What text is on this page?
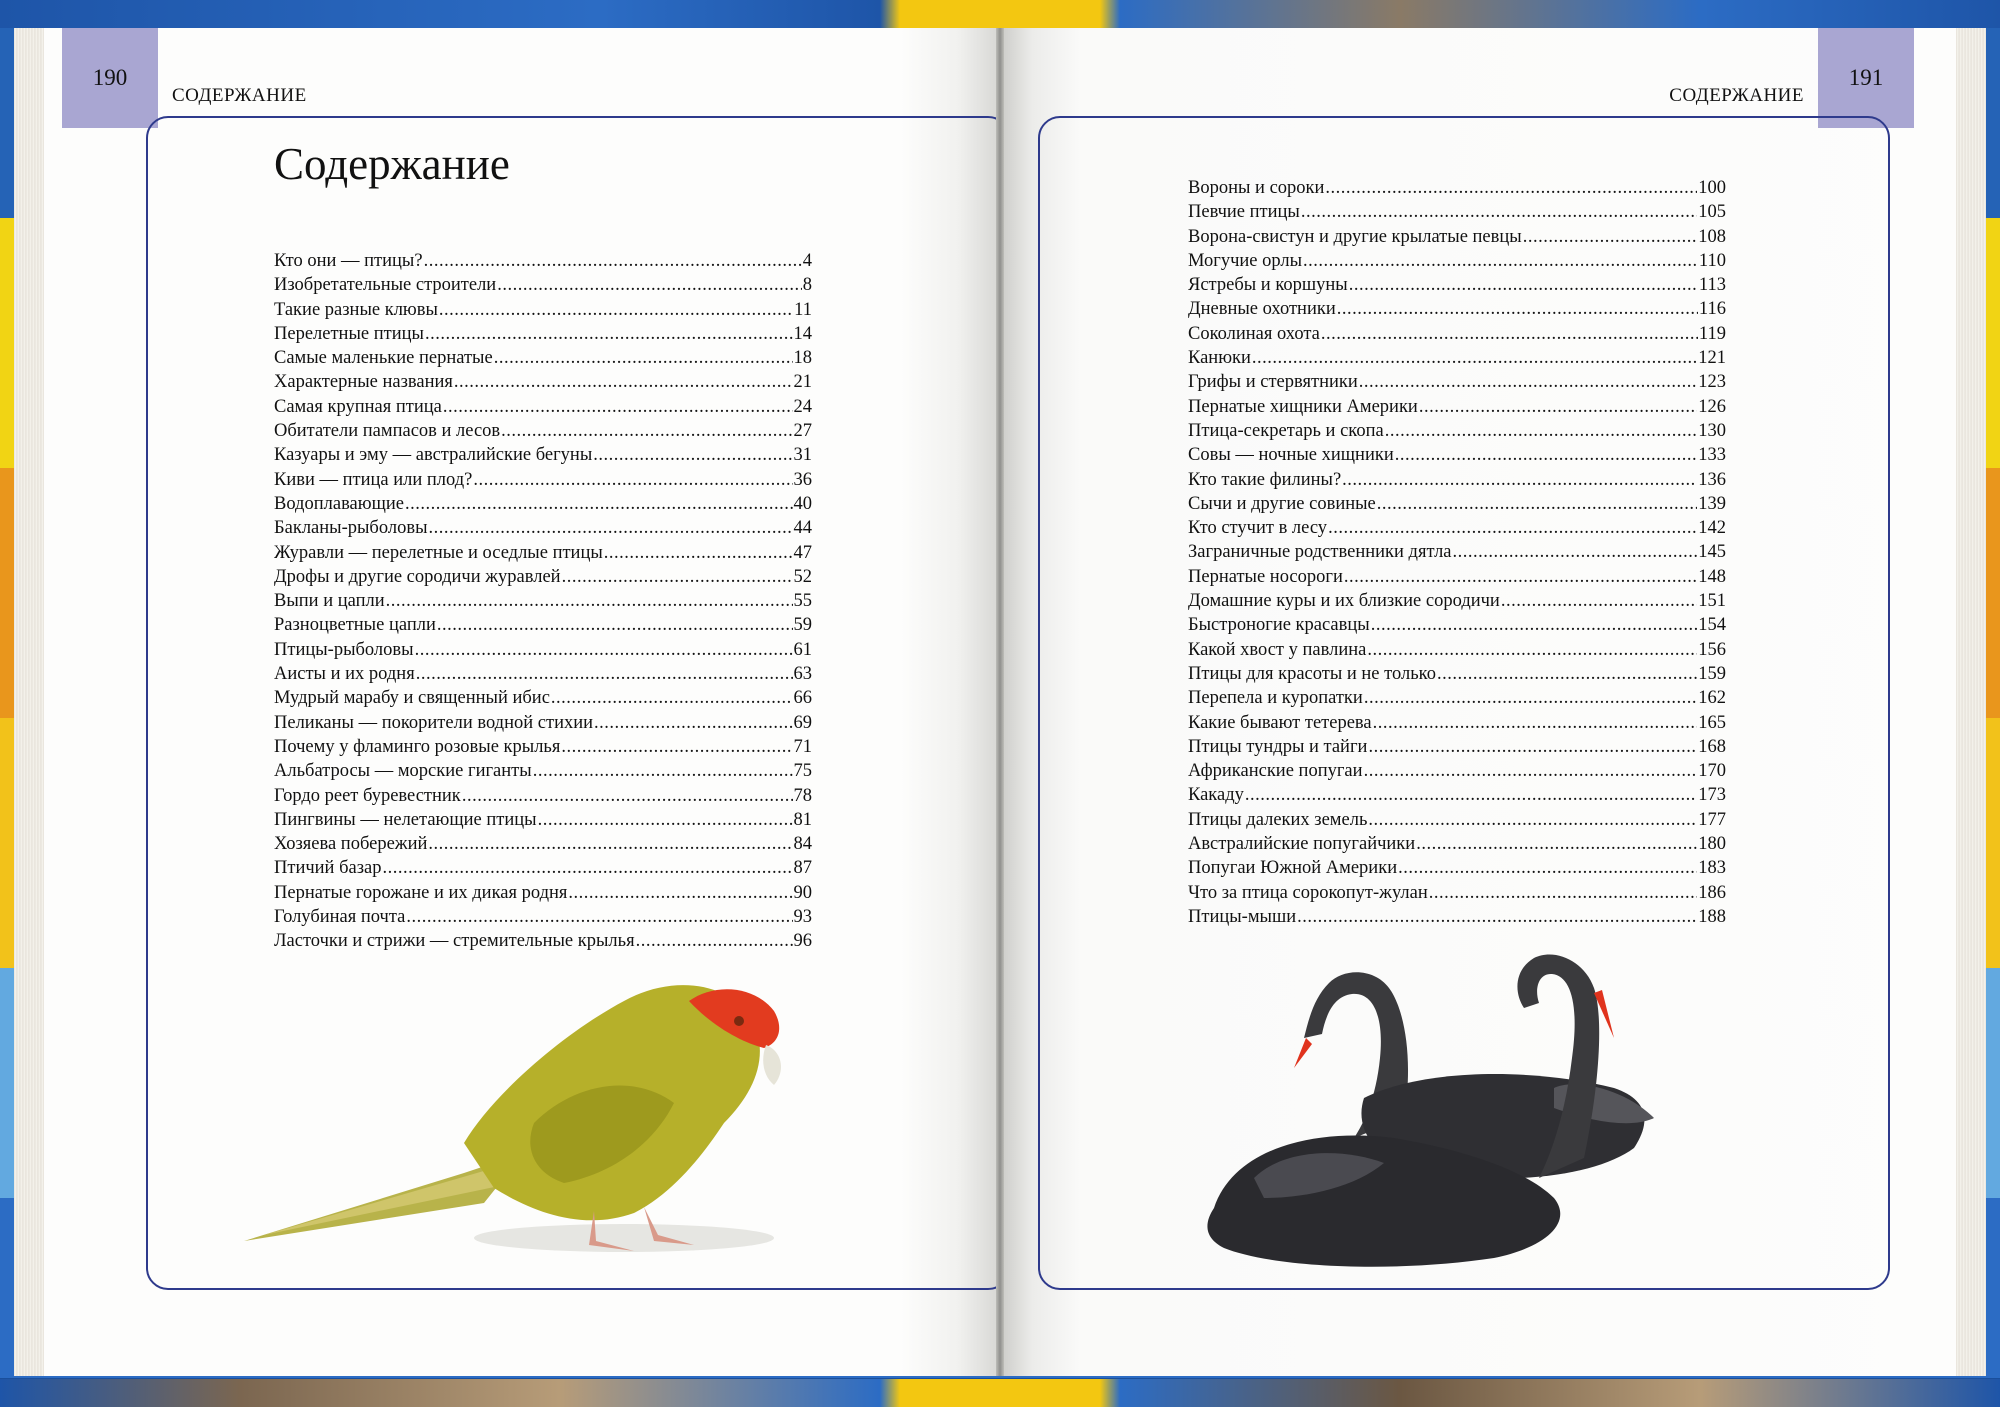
190
СОДЕРЖАНИЕ
Содержание
Кто они — птицы? .....	4
Изобретательные строители .....	8
Такие разные клювы .....	11
Перелетные птицы .....	14
Самые маленькие пернатые .....	18
Характерные названия .....	21
Самая крупная птица .....	24
Обитатели пампасов и лесов .....	27
Казуары и эму — австралийские бегуны .....	31
Киви — птица или плод? .....	36
Водоплавающие .....	40
Бакланы-рыболовы .....	44
Журавли — перелетные и оседлые птицы .....	47
Дрофы и другие сородичи журавлей .....	52
Выпи и цапли .....	55
Разноцветные цапли .....	59
Птицы-рыболовы .....	61
Аисты и их родня .....	63
Мудрый марабу и священный ибис .....	66
Пеликаны — покорители водной стихии .....	69
Почему у фламинго розовые крылья .....	71
Альбатросы — морские гиганты .....	75
Гордо реет буревестник .....	78
Пингвины — нелетающие птицы .....	81
Хозяева побережий .....	84
Птичий базар .....	87
Пернатые горожане и их дикая родня .....	90
Голубиная почта .....	93
Ласточки и стрижи — стремительные крылья .....	96
191
СОДЕРЖАНИЕ
Вороны и сороки .....	100
Певчие птицы .....	105
Ворона-свистун и другие крылатые певцы .....	108
Могучие орлы .....	110
Ястребы и коршуны .....	113
Дневные охотники .....	116
Соколиная охота .....	119
Канюки .....	121
Грифы и стервятники .....	123
Пернатые хищники Америки .....	126
Птица-секретарь и скопа .....	130
Совы — ночные хищники .....	133
Кто такие филины? .....	136
Сычи и другие совиные .....	139
Кто стучит в лесу .....	142
Заграничные родственники дятла .....	145
Пернатые носороги .....	148
Домашние куры и их близкие сородичи .....	151
Быстроногие красавцы .....	154
Какой хвост у павлина .....	156
Птицы для красоты и не только .....	159
Перепела и куропатки .....	162
Какие бывают тетерева .....	165
Птицы тундры и тайги .....	168
Африканские попугаи .....	170
Какаду .....	173
Птицы далеких земель .....	177
Австралийские попугайчики .....	180
Попугаи Южной Америки .....	183
Что за птица сорокопут-жулан .....	186
Птицы-мыши .....	188
